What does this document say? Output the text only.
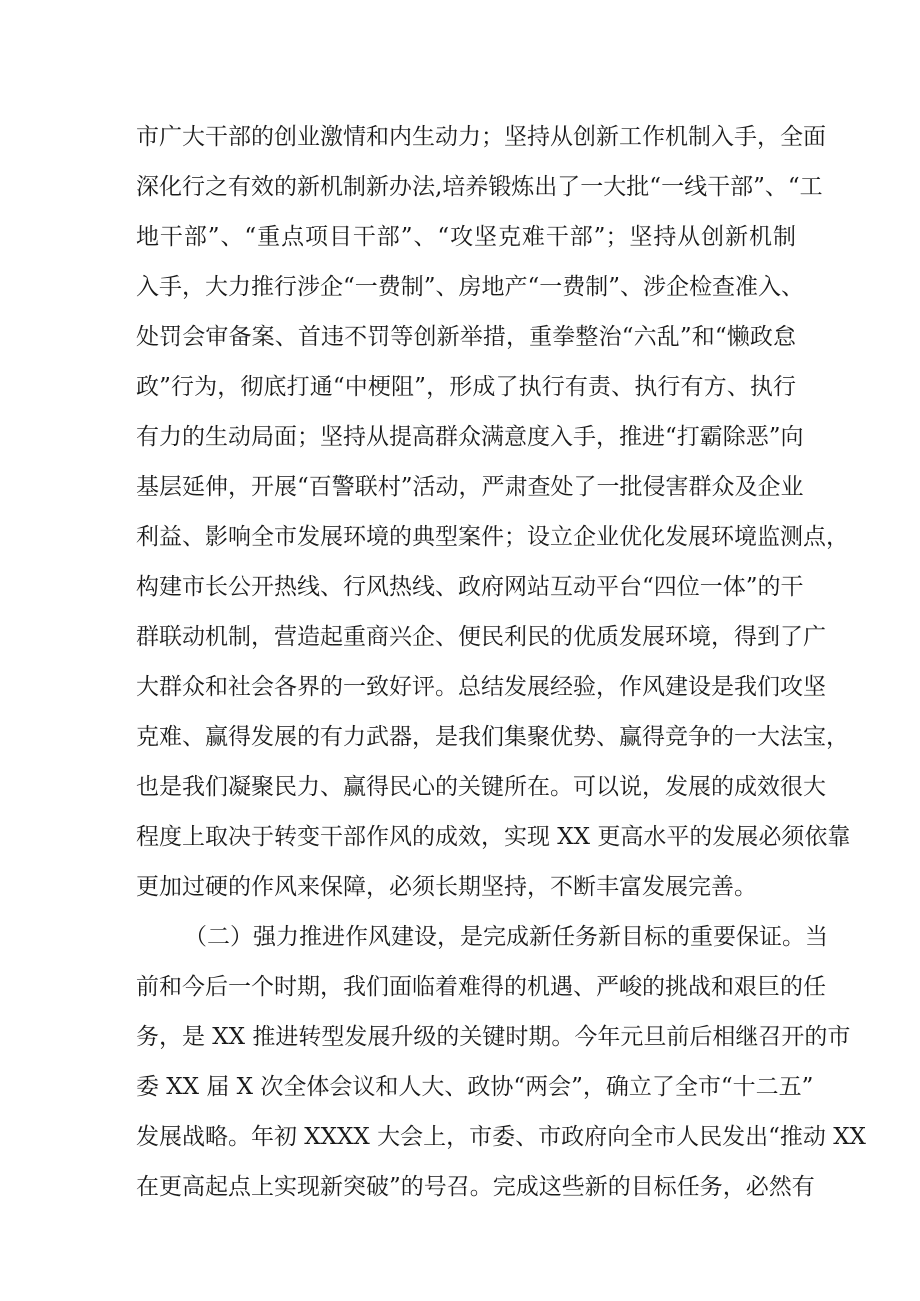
市广大干部的创业激情和内生动力；坚持从创新工作机制入手，全面
深化行之有效的新机制新办法,培养锻炼出了一大批“一线干部”、“工
地干部”、“重点项目干部”、“攻坚克难干部”；坚持从创新机制
入手，大力推行涉企“一费制”、房地产“一费制”、涉企检查准入、
处罚会审备案、首违不罚等创新举措，重拳整治“六乱”和“懒政怠
政”行为，彻底打通“中梗阻”，形成了执行有责、执行有方、执行
有力的生动局面；坚持从提高群众满意度入手，推进“打霸除恶”向
基层延伸，开展“百警联村”活动，严肃查处了一批侵害群众及企业
利益、影响全市发展环境的典型案件；设立企业优化发展环境监测点，
构建市长公开热线、行风热线、政府网站互动平台“四位一体”的干
群联动机制，营造起重商兴企、便民利民的优质发展环境，得到了广
大群众和社会各界的一致好评。总结发展经验，作风建设是我们攻坚
克难、赢得发展的有力武器，是我们集聚优势、赢得竞争的一大法宝，
也是我们凝聚民力、赢得民心的关键所在。可以说，发展的成效很大
程度上取决于转变干部作风的成效，实现 XX 更高水平的发展必须依靠
更加过硬的作风来保障，必须长期坚持，不断丰富发展完善。
（二）强力推进作风建设，是完成新任务新目标的重要保证。当
前和今后一个时期，我们面临着难得的机遇、严峻的挑战和艰巨的任
务，是 XX 推进转型发展升级的关键时期。今年元旦前后相继召开的市
委 XX 届 X 次全体会议和人大、政协“两会”，确立了全市“十二五”
发展战略。年初 XXXX 大会上，市委、市政府向全市人民发出“推动 XX
在更高起点上实现新突破”的号召。完成这些新的目标任务，必然有
